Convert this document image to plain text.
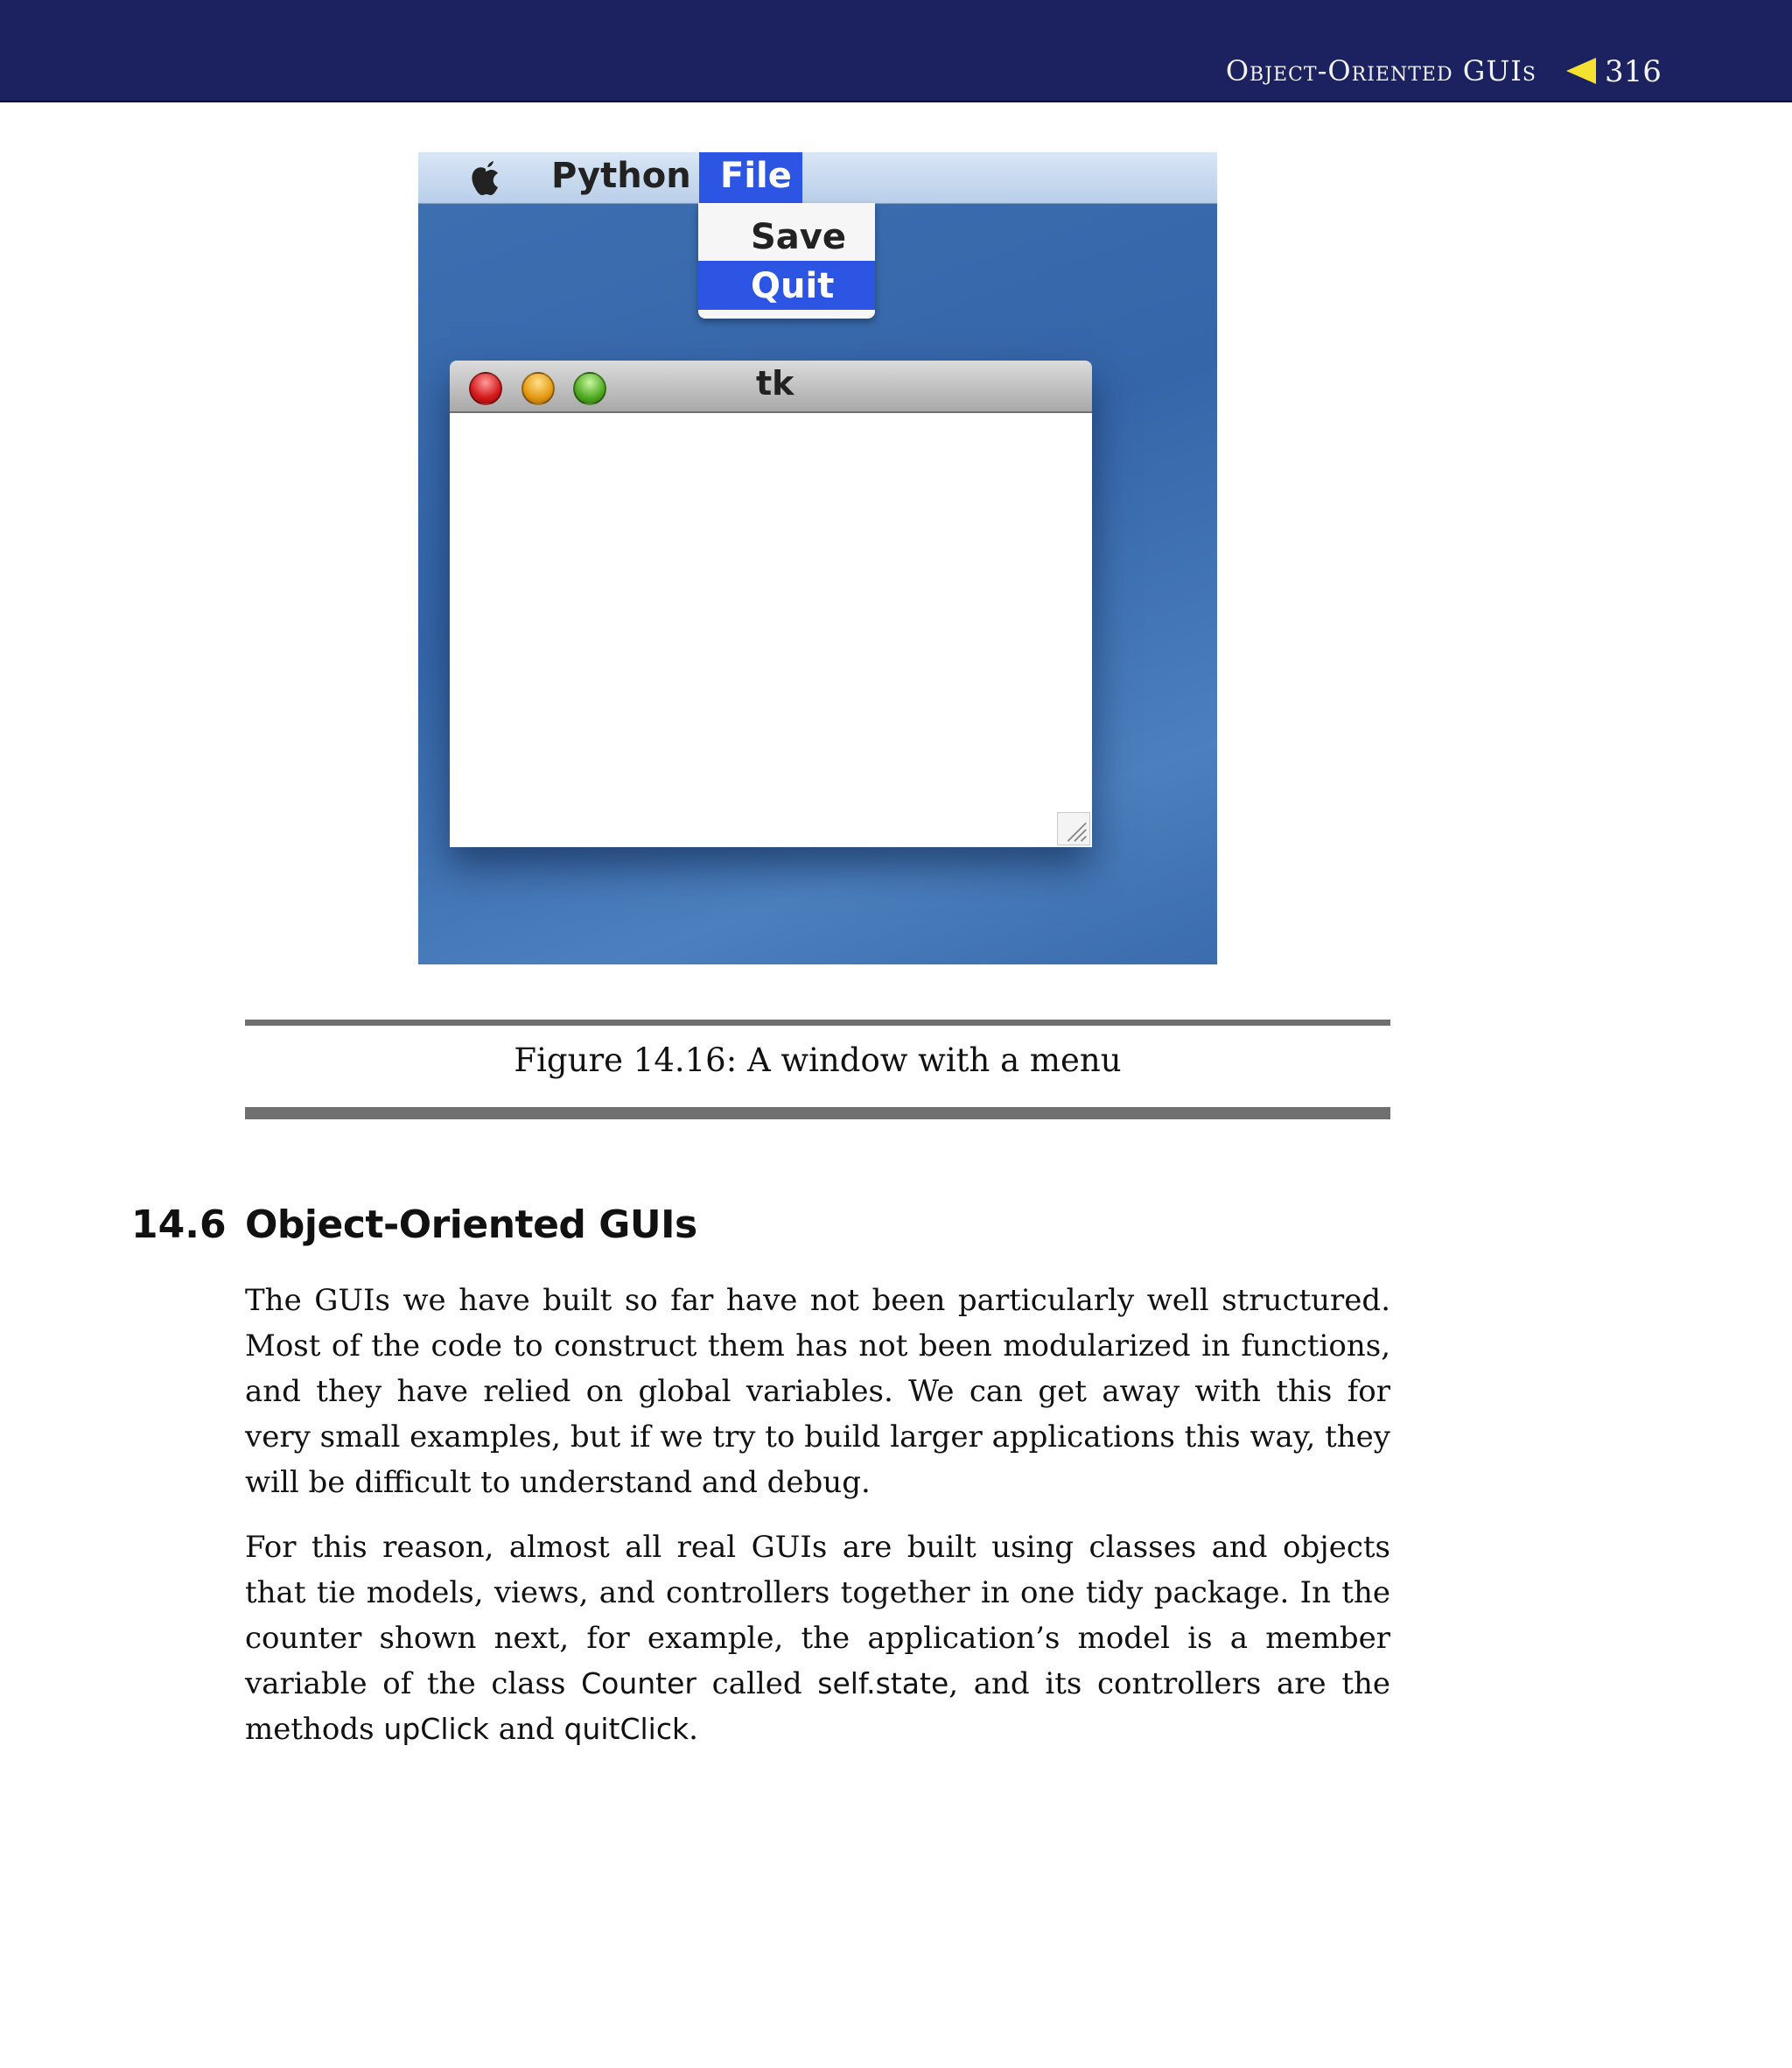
Object-Oriented GUIs 316
Python File
Save
Quit
tk
Figure 14.16: A window with a menu
14.6 Object-Oriented GUIs

The GUIs we have built so far have not been particularly well structured. Most of the code to construct them has not been modularized in functions, and they have relied on global variables. We can get away with this for very small examples, but if we try to build larger applications this way, they will be difficult to understand and debug.

For this reason, almost all real GUIs are built using classes and objects that tie models, views, and controllers together in one tidy package. In the counter shown next, for example, the application’s model is a member variable of the class Counter called self.state, and its controllers are the methods upClick and quitClick.
